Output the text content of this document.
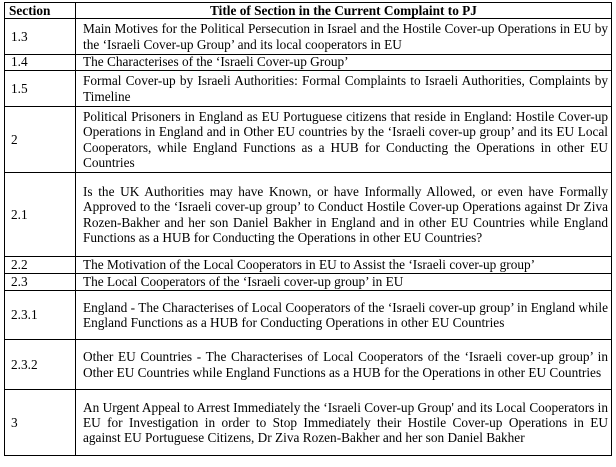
Section	Title of Section in the Current Complaint to PJ
1.3	Main Motives for the Political Persecution in Israel and the Hostile Cover-up Operations in EU by the ‘Israeli Cover-up Group’ and its local cooperators in EU
1.4	The Characterises of the ‘Israeli Cover-up Group’
1.5	Formal Cover-up by Israeli Authorities: Formal Complaints to Israeli Authorities, Complaints by Timeline
2	Political Prisoners in England as EU Portuguese citizens that reside in England: Hostile Cover-up Operations in England and in Other EU countries by the ‘Israeli cover-up group’ and its EU Local Cooperators, while England Functions as a HUB for Conducting the Operations in other EU Countries
2.1	Is the UK Authorities may have Known, or have Informally Allowed, or even have Formally Approved to the ‘Israeli cover-up group’ to Conduct Hostile Cover-up Operations against Dr Ziva Rozen-Bakher and her son Daniel Bakher in England and in other EU Countries while England Functions as a HUB for Conducting the Operations in other EU Countries?
2.2	The Motivation of the Local Cooperators in EU to Assist the ‘Israeli cover-up group’
2.3	The Local Cooperators of the ‘Israeli cover-up group’ in EU
2.3.1	England - The Characterises of Local Cooperators of the ‘Israeli cover-up group’ in England while England Functions as a HUB for Conducting Operations in other EU Countries
2.3.2	Other EU Countries - The Characterises of Local Cooperators of the ‘Israeli cover-up group’ in Other EU Countries while England Functions as a HUB for the Operations in other EU Countries
3	An Urgent Appeal to Arrest Immediately the ‘Israeli Cover-up Group' and its Local Cooperators in EU for Investigation in order to Stop Immediately their Hostile Cover-up Operations in EU against EU Portuguese Citizens, Dr Ziva Rozen-Bakher and her son Daniel Bakher
